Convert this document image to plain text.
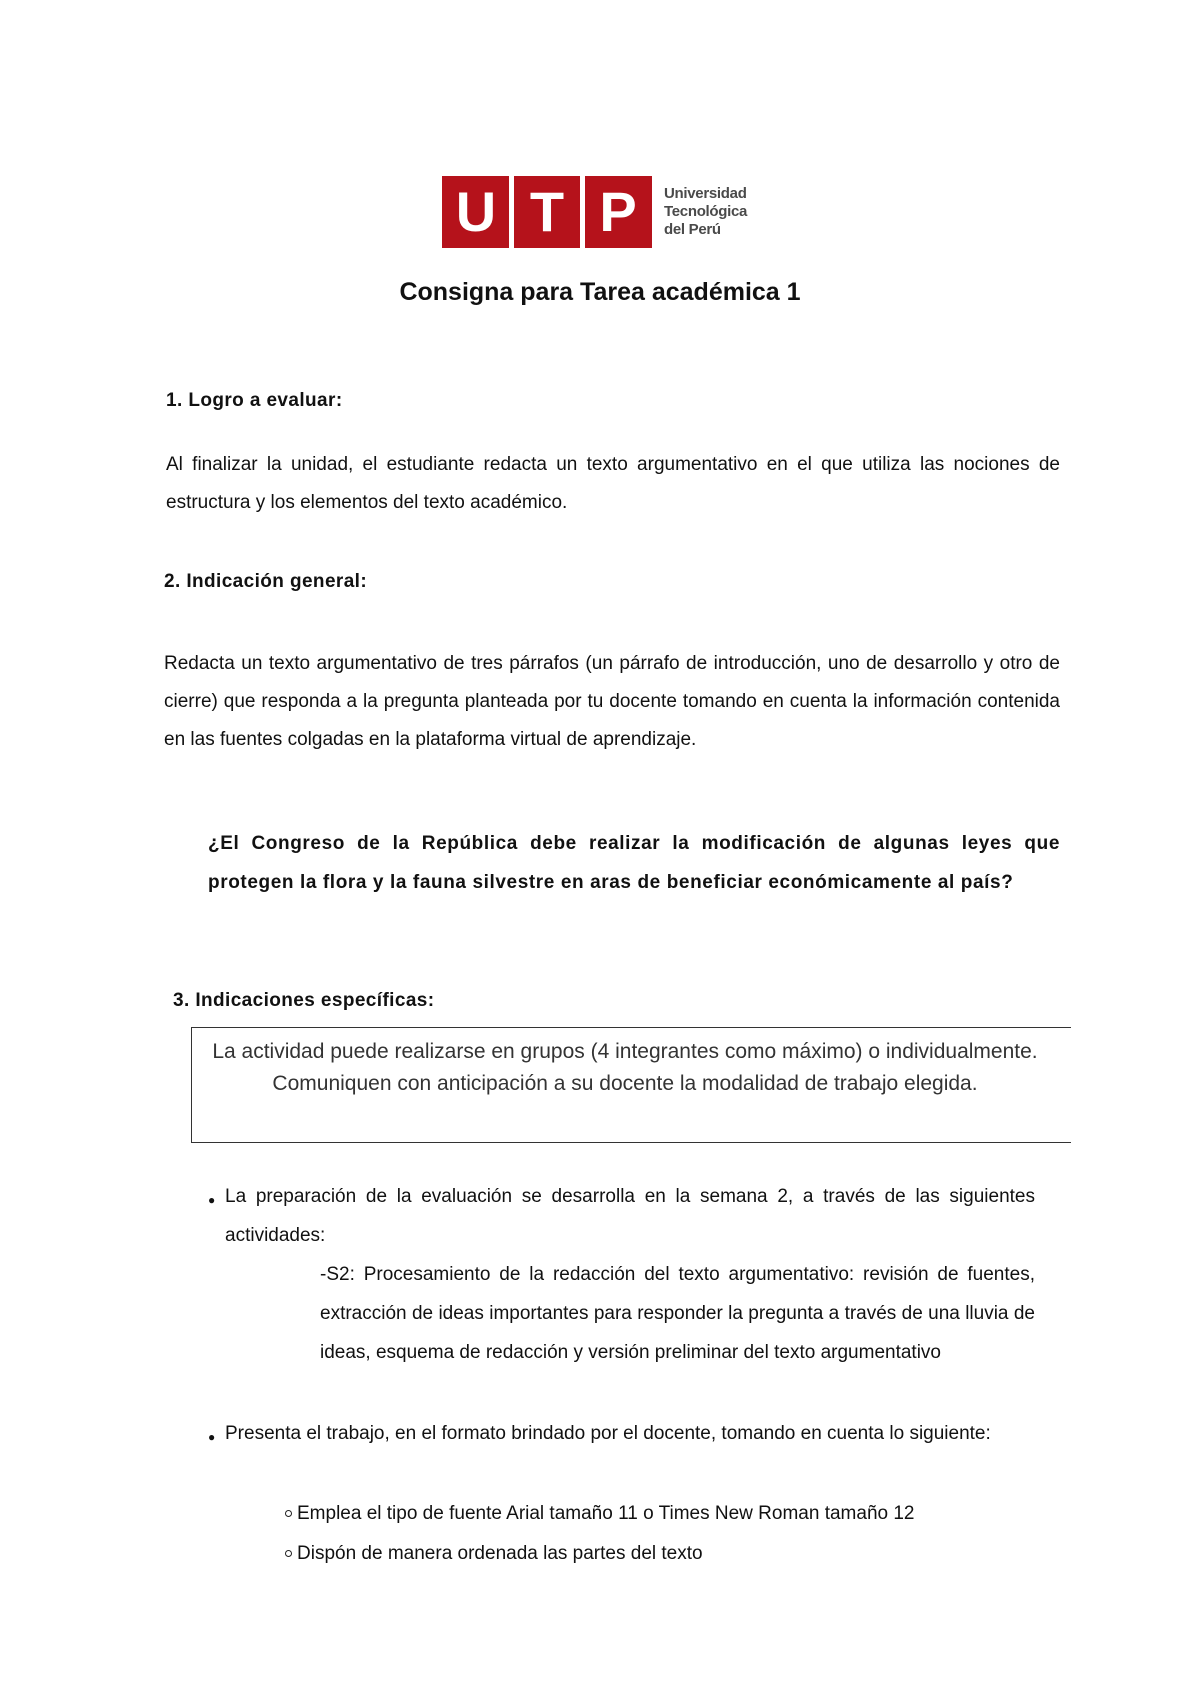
U T P	Universidad
Tecnológica
del Perú
Consigna para Tarea académica 1
1. Logro a evaluar:
Al finalizar la unidad, el estudiante redacta un texto argumentativo en el que utiliza las nociones de estructura y los elementos del texto académico.
2. Indicación general:
Redacta un texto argumentativo de tres párrafos (un párrafo de introducción, uno de desarrollo y otro de cierre) que responda a la pregunta planteada por tu docente tomando en cuenta la información contenida en las fuentes colgadas en la plataforma virtual de aprendizaje.
¿El Congreso de la República debe realizar la modificación de algunas leyes que protegen la flora y la fauna silvestre en aras de beneficiar económicamente al país?
3. Indicaciones específicas:
La actividad puede realizarse en grupos (4 integrantes como máximo) o individualmente. Comuniquen con anticipación a su docente la modalidad de trabajo elegida.
● La preparación de la evaluación se desarrolla en la semana 2, a través de las siguientes actividades:
-S2: Procesamiento de la redacción del texto argumentativo: revisión de fuentes, extracción de ideas importantes para responder la pregunta a través de una lluvia de ideas, esquema de redacción y versión preliminar del texto argumentativo
● Presenta el trabajo, en el formato brindado por el docente, tomando en cuenta lo siguiente:
Emplea el tipo de fuente Arial tamaño 11 o Times New Roman tamaño 12
Dispón de manera ordenada las partes del texto
